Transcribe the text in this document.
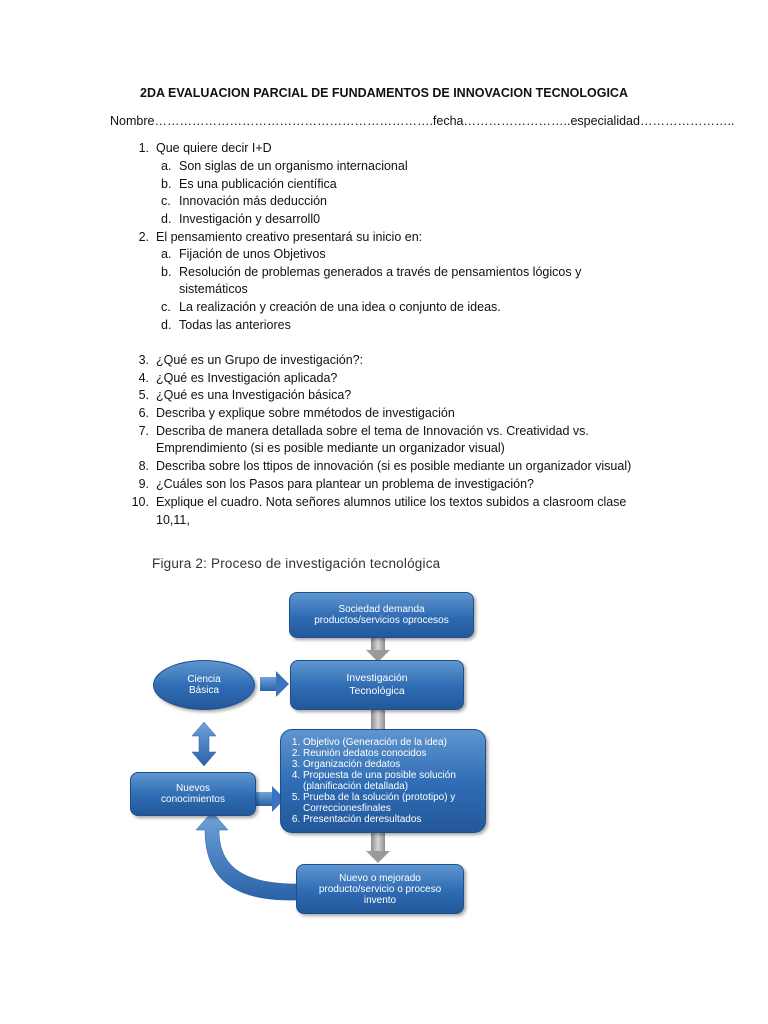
2DA EVALUACION PARCIAL DE FUNDAMENTOS DE INNOVACION TECNOLOGICA
Nombre………………………………………………………….fecha……………………..especialidad…………………..
1. Que quiere decir I+D
a. Son siglas de un organismo internacional
b. Es una publicación científica
c. Innovación más deducción
d. Investigación y desarroll0
2. El pensamiento creativo presentará su inicio en:
a. Fijación de unos Objetivos
b. Resolución de problemas generados a través de pensamientos lógicos y
sistemáticos
c. La realización y creación de una idea o conjunto de ideas.
d. Todas las anteriores
3. ¿Qué es un Grupo de investigación?:
4. ¿Qué es Investigación aplicada?
5. ¿Qué es una Investigación básica?
6. Describa y explique sobre mmétodos de investigación
7. Describa de manera detallada sobre el tema de Innovación vs. Creatividad vs.
Emprendimiento (si es posible mediante un organizador visual)
8. Describa sobre los ttipos de innovación (si es posible mediante un organizador visual)
9. ¿Cuáles son los Pasos para plantear un problema de investigación?
10. Explique el cuadro. Nota señores alumnos utilice los textos subidos a clasroom clase
10,11,
Figura 2: Proceso de investigación tecnológica
Sociedad demanda productos/servicios oprocesos
Ciencia Básica
Investigación Tecnológica
Nuevos conocimientos
1. Objetivo (Generación de la idea)
2. Reunión dedatos conocidos
3. Organización dedatos
4. Propuesta de una posible solución (planificación detallada)
5. Prueba de la solución (prototipo) y Correccionesfinales
6. Presentación deresultados
Nuevo o mejorado producto/servicio o proceso invento
